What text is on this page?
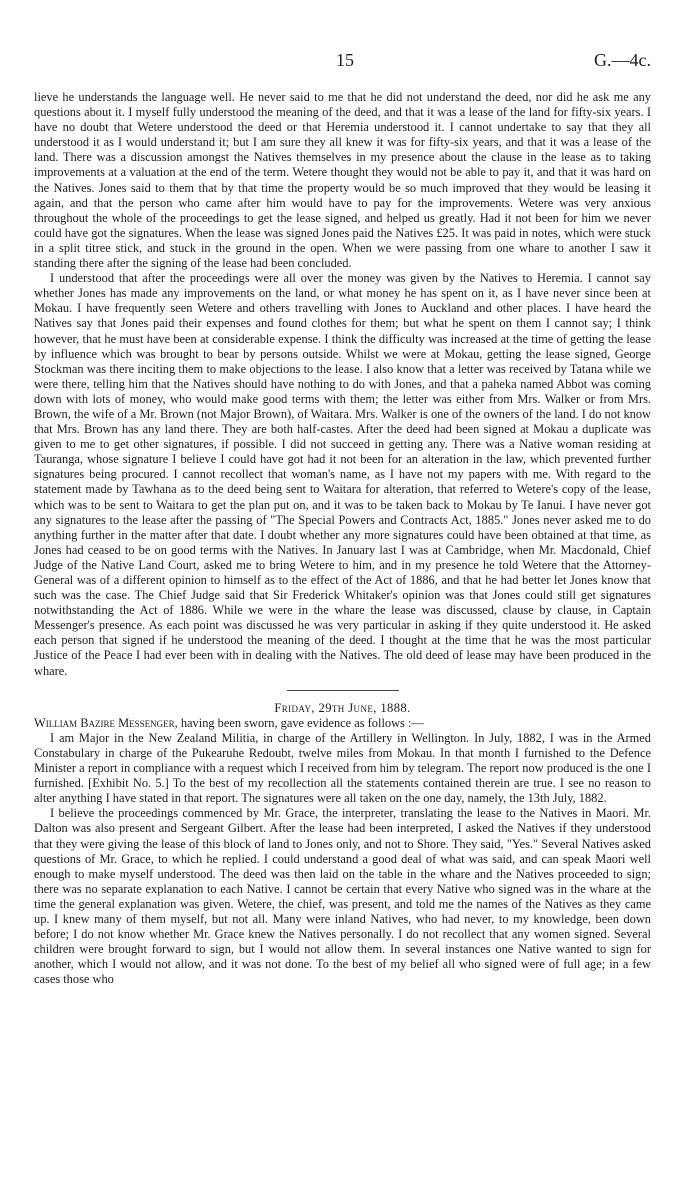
15	G.—4c.

lieve he understands the language well. He never said to me that he did not understand the deed, nor did he ask me any questions about it. I myself fully understood the meaning of the deed, and that it was a lease of the land for fifty-six years. I have no doubt that Wetere understood the deed or that Heremia understood it. I cannot undertake to say that they all understood it as I would understand it; but I am sure they all knew it was for fifty-six years, and that it was a lease of the land. There was a discussion amongst the Natives themselves in my presence about the clause in the lease as to taking improvements at a valuation at the end of the term. Wetere thought they would not be able to pay it, and that it was hard on the Natives. Jones said to them that by that time the property would be so much improved that they would be leasing it again, and that the person who came after him would have to pay for the improvements. Wetere was very anxious throughout the whole of the proceedings to get the lease signed, and helped us greatly. Had it not been for him we never could have got the signatures. When the lease was signed Jones paid the Natives £25. It was paid in notes, which were stuck in a split titree stick, and stuck in the ground in the open. When we were passing from one whare to another I saw it standing there after the signing of the lease had been concluded.

I understood that after the proceedings were all over the money was given by the Natives to Heremia. I cannot say whether Jones has made any improvements on the land, or what money he has spent on it, as I have never since been at Mokau. I have frequently seen Wetere and others travelling with Jones to Auckland and other places. I have heard the Natives say that Jones paid their expenses and found clothes for them; but what he spent on them I cannot say; I think however, that he must have been at considerable expense. I think the difficulty was increased at the time of getting the lease by influence which was brought to bear by persons outside. Whilst we were at Mokau, getting the lease signed, George Stockman was there inciting them to make objections to the lease. I also know that a letter was received by Tatana while we were there, telling him that the Natives should have nothing to do with Jones, and that a paheka named Abbot was coming down with lots of money, who would make good terms with them; the letter was either from Mrs. Walker or from Mrs. Brown, the wife of a Mr. Brown (not Major Brown), of Waitara. Mrs. Walker is one of the owners of the land. I do not know that Mrs. Brown has any land there. They are both half-castes. After the deed had been signed at Mokau a duplicate was given to me to get other signatures, if possible. I did not succeed in getting any. There was a Native woman residing at Tauranga, whose signature I believe I could have got had it not been for an alteration in the law, which prevented further signatures being procured. I cannot recollect that woman's name, as I have not my papers with me. With regard to the statement made by Tawhana as to the deed being sent to Waitara for alteration, that referred to Wetere's copy of the lease, which was to be sent to Waitara to get the plan put on, and it was to be taken back to Mokau by Te Ianui. I have never got any signatures to the lease after the passing of "The Special Powers and Contracts Act, 1885." Jones never asked me to do anything further in the matter after that date. I doubt whether any more signatures could have been obtained at that time, as Jones had ceased to be on good terms with the Natives. In January last I was at Cambridge, when Mr. Macdonald, Chief Judge of the Native Land Court, asked me to bring Wetere to him, and in my presence he told Wetere that the Attorney-General was of a different opinion to himself as to the effect of the Act of 1886, and that he had better let Jones know that such was the case. The Chief Judge said that Sir Frederick Whitaker's opinion was that Jones could still get signatures notwithstanding the Act of 1886. While we were in the whare the lease was discussed, clause by clause, in Captain Messenger's presence. As each point was discussed he was very particular in asking if they quite understood it. He asked each person that signed if he understood the meaning of the deed. I thought at the time that he was the most particular Justice of the Peace I had ever been with in dealing with the Natives. The old deed of lease may have been produced in the whare.

Friday, 29th June, 1888.

William Bazire Messenger, having been sworn, gave evidence as follows :—

I am Major in the New Zealand Militia, in charge of the Artillery in Wellington. In July, 1882, I was in the Armed Constabulary in charge of the Pukearuhe Redoubt, twelve miles from Mokau. In that month I furnished to the Defence Minister a report in compliance with a request which I received from him by telegram. The report now produced is the one I furnished. [Exhibit No. 5.] To the best of my recollection all the statements contained therein are true. I see no reason to alter anything I have stated in that report. The signatures were all taken on the one day, namely, the 13th July, 1882.

I believe the proceedings commenced by Mr. Grace, the interpreter, translating the lease to the Natives in Maori. Mr. Dalton was also present and Sergeant Gilbert. After the lease had been interpreted, I asked the Natives if they understood that they were giving the lease of this block of land to Jones only, and not to Shore. They said, "Yes." Several Natives asked questions of Mr. Grace, to which he replied. I could understand a good deal of what was said, and can speak Maori well enough to make myself understood. The deed was then laid on the table in the whare and the Natives proceeded to sign; there was no separate explanation to each Native. I cannot be certain that every Native who signed was in the whare at the time the general explanation was given. Wetere, the chief, was present, and told me the names of the Natives as they came up. I knew many of them myself, but not all. Many were inland Natives, who had never, to my knowledge, been down before; I do not know whether Mr. Grace knew the Natives personally. I do not recollect that any women signed. Several children were brought forward to sign, but I would not allow them. In several instances one Native wanted to sign for another, which I would not allow, and it was not done. To the best of my belief all who signed were of full age; in a few cases those who
